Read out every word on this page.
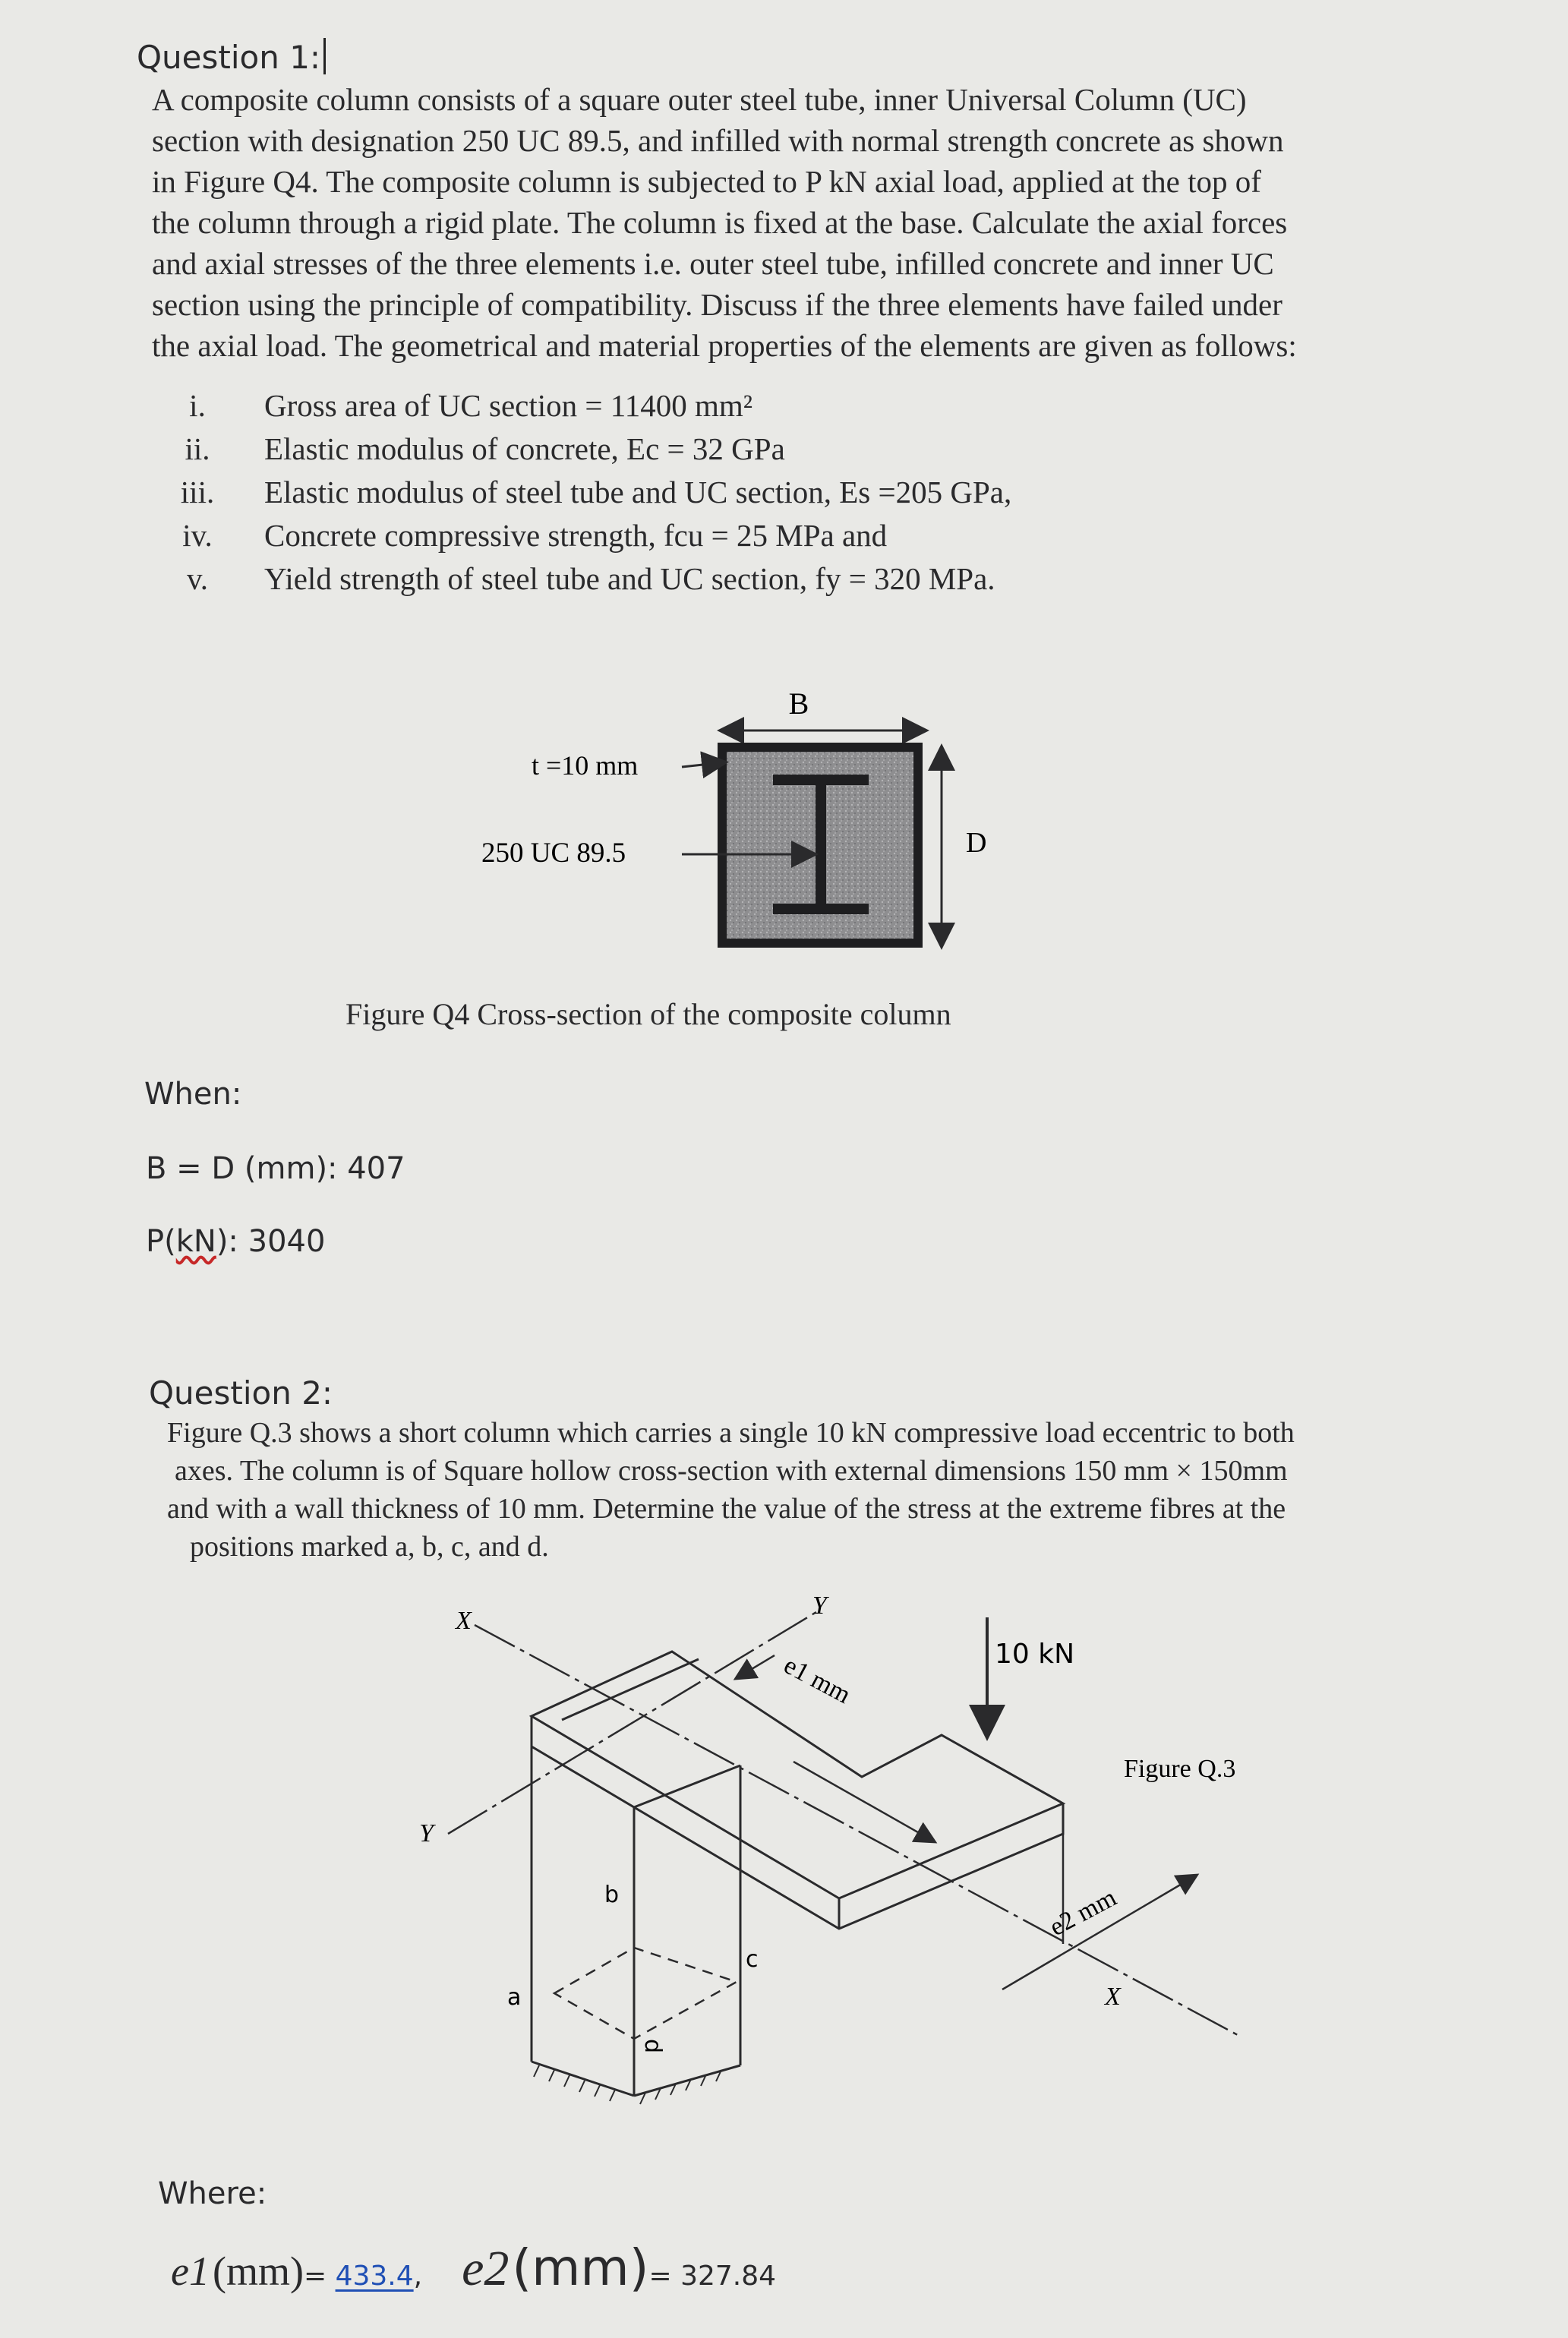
Question 1:
A composite column consists of a square outer steel tube, inner Universal Column (UC)
section with designation 250 UC 89.5, and infilled with normal strength concrete as shown
in Figure Q4. The composite column is subjected to P kN axial load, applied at the top of
the column through a rigid plate. The column is fixed at the base. Calculate the axial forces
and axial stresses of the three elements i.e. outer steel tube, infilled concrete and inner UC
section using the principle of compatibility. Discuss if the three elements have failed under
the axial load. The geometrical and material properties of the elements are given as follows:
i.	Gross area of UC section = 11400 mm²
ii.	Elastic modulus of concrete, Ec = 32 GPa
iii.	Elastic modulus of steel tube and UC section, Es =205 GPa,
iv.	Concrete compressive strength, fcu = 25 MPa and
v.	Yield strength of steel tube and UC section, fy = 320 MPa.
B
D
t =10 mm
250 UC 89.5
Figure Q4 Cross-section of the composite column
When:
B = D (mm): 407
P(kN): 3040
Question 2:
Figure Q.3 shows a short column which carries a single 10 kN compressive load eccentric to both
axes. The column is of Square hollow cross-section with external dimensions 150 mm × 150mm
and with a wall thickness of 10 mm. Determine the value of the stress at the extreme fibres at the
positions marked a, b, c, and d.
X
Y
Y
X
e1 mm
e2 mm
10 kN
Figure Q.3
a
b
c
d
Where:
e1 (mm)= 433.4, e2 (mm)= 327.84
